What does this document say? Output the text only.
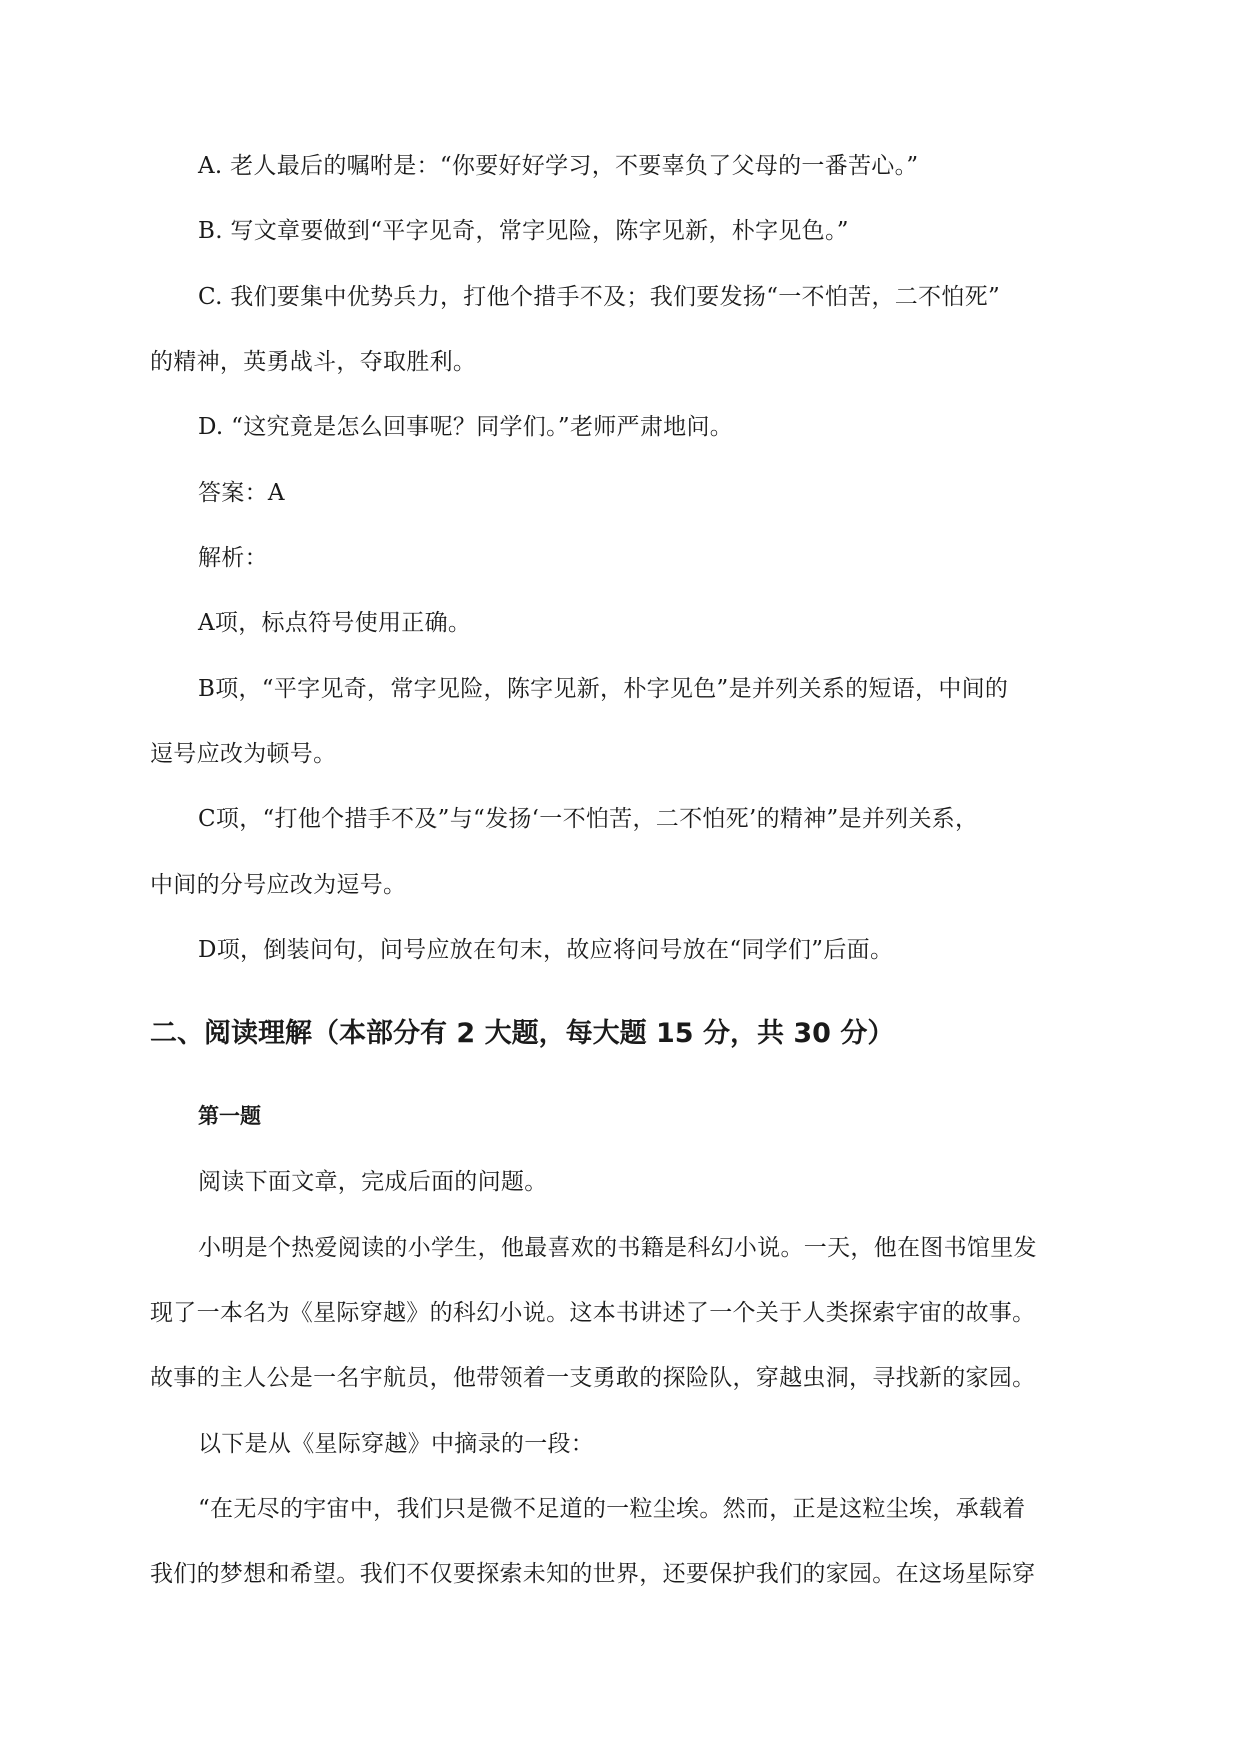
A. 老人最后的嘱咐是：“你要好好学习，不要辜负了父母的一番苦心。”
B. 写文章要做到“平字见奇，常字见险，陈字见新，朴字见色。”
C. 我们要集中优势兵力，打他个措手不及；我们要发扬“一不怕苦，二不怕死”
的精神，英勇战斗，夺取胜利。
D. “这究竟是怎么回事呢？同学们。”老师严肃地问。
答案：A
解析：
A项，标点符号使用正确。
B项，“平字见奇，常字见险，陈字见新，朴字见色”是并列关系的短语，中间的
逗号应改为顿号。
C项，“打他个措手不及”与“发扬‘一不怕苦，二不怕死’的精神”是并列关系，
中间的分号应改为逗号。
D项，倒装问句，问号应放在句末，故应将问号放在“同学们”后面。
二、阅读理解（本部分有 2 大题，每大题 15 分，共 30 分）
第一题
阅读下面文章，完成后面的问题。
小明是个热爱阅读的小学生，他最喜欢的书籍是科幻小说。一天，他在图书馆里发
现了一本名为《星际穿越》的科幻小说。这本书讲述了一个关于人类探索宇宙的故事。
故事的主人公是一名宇航员，他带领着一支勇敢的探险队，穿越虫洞，寻找新的家园。
以下是从《星际穿越》中摘录的一段：
“在无尽的宇宙中，我们只是微不足道的一粒尘埃。然而，正是这粒尘埃，承载着
我们的梦想和希望。我们不仅要探索未知的世界，还要保护我们的家园。在这场星际穿
